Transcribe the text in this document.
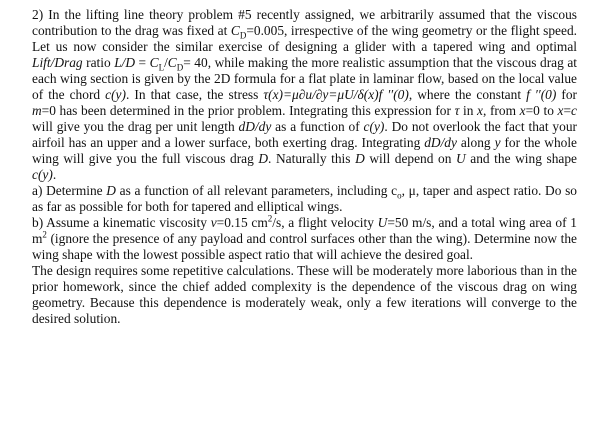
2) In the lifting line theory problem #5 recently assigned, we arbitrarily assumed that the viscous contribution to the drag was fixed at $C_D=0.005$, irrespective of the wing geometry or the flight speed. Let us now consider the similar exercise of designing a glider with a tapered wing and optimal Lift/Drag ratio $L/D = C_L/C_D= 40$, while making the more realistic assumption that the viscous drag at each wing section is given by the 2D formula for a flat plate in laminar flow, based on the local value of the chord c(y). In that case, the stress τ(x)=μ∂u/∂y=μU/δ(x)f ′′(0), where the constant f ′′(0) for m=0 has been determined in the prior problem. Integrating this expression for τ in x, from x=0 to x=c will give you the drag per unit length dD/dy as a function of c(y). Do not overlook the fact that your airfoil has an upper and a lower surface, both exerting drag. Integrating dD/dy along y for the whole wing will give you the full viscous drag D. Naturally this D will depend on U and the wing shape c(y).

a) Determine D as a function of all relevant parameters, including $c_o$, μ, taper and aspect ratio. Do so as far as possible for both for tapered and elliptical wings.

b) Assume a kinematic viscosity ν=0.15 $cm^2/s$, a flight velocity U=50 m/s, and a total wing area of 1 $m^2$ (ignore the presence of any payload and control surfaces other than the wing). Determine now the wing shape with the lowest possible aspect ratio that will achieve the desired goal.

The design requires some repetitive calculations. These will be moderately more laborious than in the prior homework, since the chief added complexity is the dependence of the viscous drag on wing geometry. Because this dependence is moderately weak, only a few iterations will converge to the desired solution.
